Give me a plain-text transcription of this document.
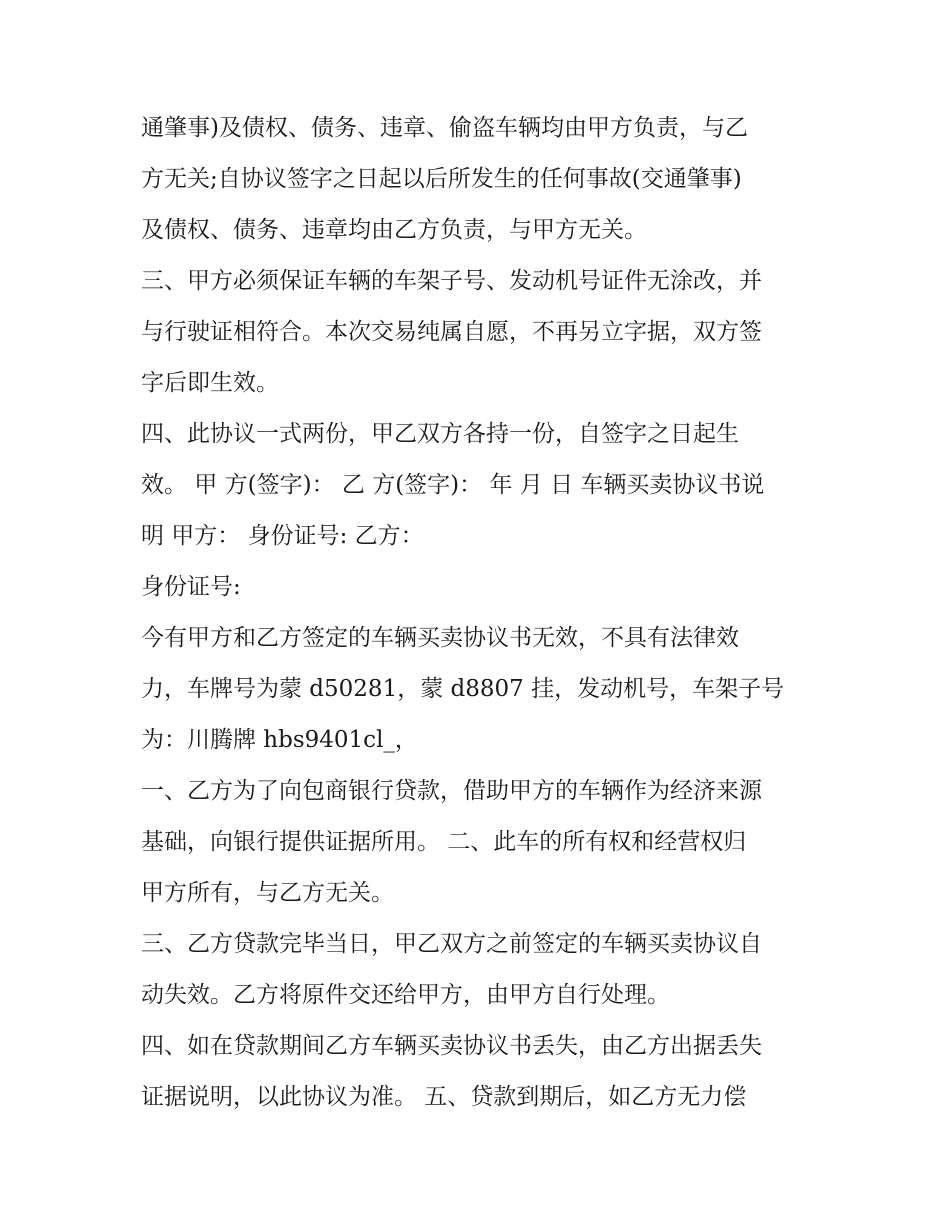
通肇事)及债权、债务、违章、偷盗车辆均由甲方负责，与乙
方无关;自协议签字之日起以后所发生的任何事故(交通肇事)
及债权、债务、违章均由乙方负责，与甲方无关。
三、甲方必须保证车辆的车架子号、发动机号证件无涂改，并
与行驶证相符合。本次交易纯属自愿，不再另立字据，双方签
字后即生效。
四、此协议一式两份，甲乙双方各持一份，自签字之日起生
效。 甲 方(签字)： 乙 方(签字)： 年 月 日 车辆买卖协议书说
明 甲方： 身份证号: 乙方：
身份证号:
今有甲方和乙方签定的车辆买卖协议书无效，不具有法律效
力，车牌号为蒙 d50281，蒙 d8807 挂，发动机号，车架子号
为：川腾牌 hbs9401cl_，
一、乙方为了向包商银行贷款，借助甲方的车辆作为经济来源
基础，向银行提供证据所用。 二、此车的所有权和经营权归
甲方所有，与乙方无关。
三、乙方贷款完毕当日，甲乙双方之前签定的车辆买卖协议自
动失效。乙方将原件交还给甲方，由甲方自行处理。
四、如在贷款期间乙方车辆买卖协议书丢失，由乙方出据丢失
证据说明，以此协议为准。 五、贷款到期后，如乙方无力偿
